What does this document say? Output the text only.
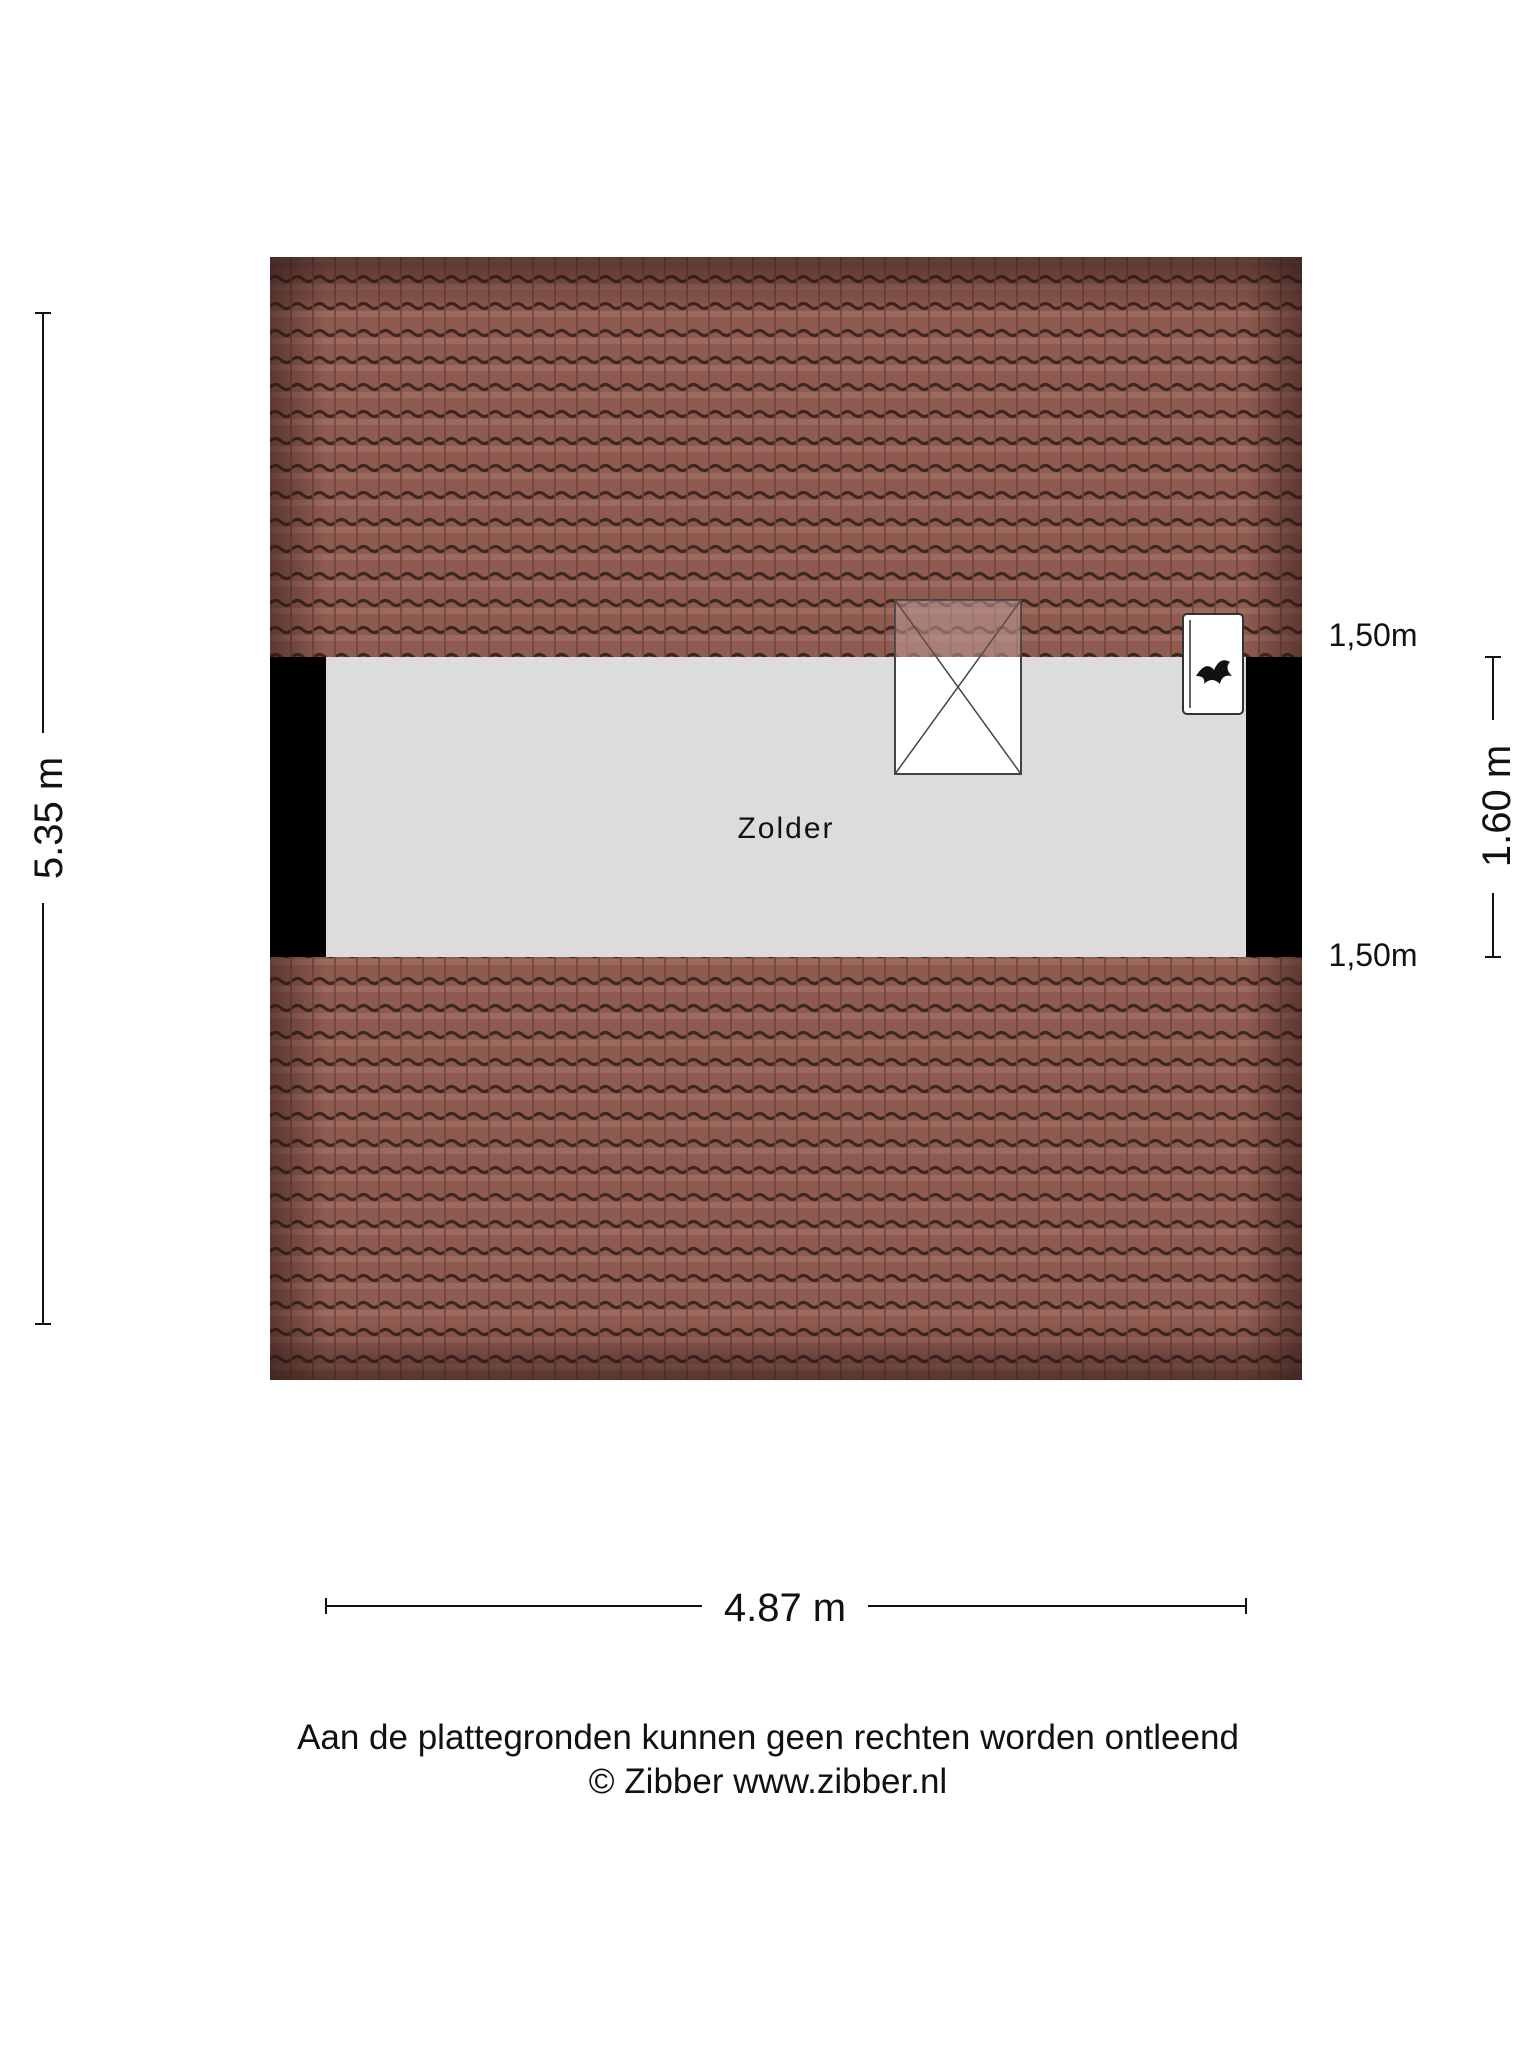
Zolder
5.35 m
4.87 m
1.60 m
1,50m
1,50m
Aan de plattegronden kunnen geen rechten worden ontleend
© Zibber www.zibber.nl
